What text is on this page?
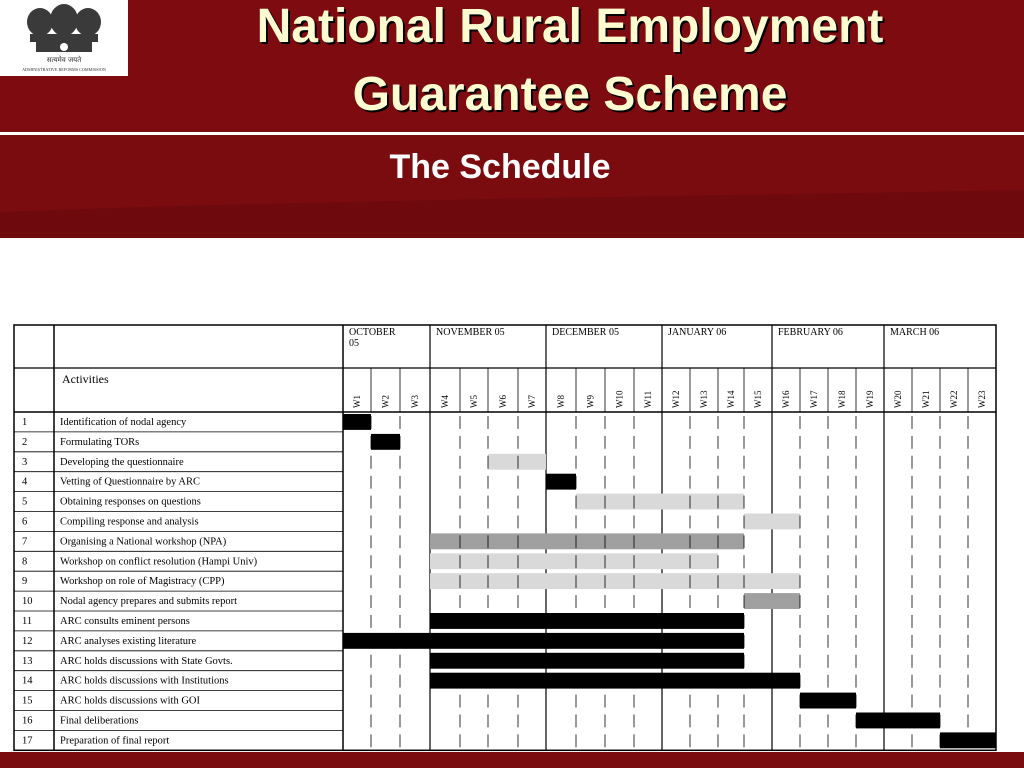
सत्यमेव जयते
ADMINISTRATIVE REFORMS COMMISSION
National Rural Employment
Guarantee Scheme
The Schedule
OCTOBER
05
NOVEMBER 05	DECEMBER 05	JANUARY 06	FEBRUARY 06	MARCH 06
W1 W2 W3 W4 W5 W6 W7 W8 W9 W10 W11 W12 W13 W14 W15 W16 W17 W18 W19 W20 W21 W22 W23
Activities
1	Identification of nodal agency
2	Formulating TORs
3	Developing the questionnaire
4	Vetting of Questionnaire by ARC
5	Obtaining responses on questions
6	Compiling response and analysis
7	Organising a National workshop (NPA)
8	Workshop on conflict resolution (Hampi Univ)
9	Workshop on role of Magistracy (CPP)
10	Nodal agency prepares and submits report
11	ARC consults eminent persons
12	ARC analyses existing literature
13	ARC holds discussions with State Govts.
14	ARC holds discussions with Institutions
15	ARC holds discussions with GOI
16	Final deliberations
17	Preparation of final report
